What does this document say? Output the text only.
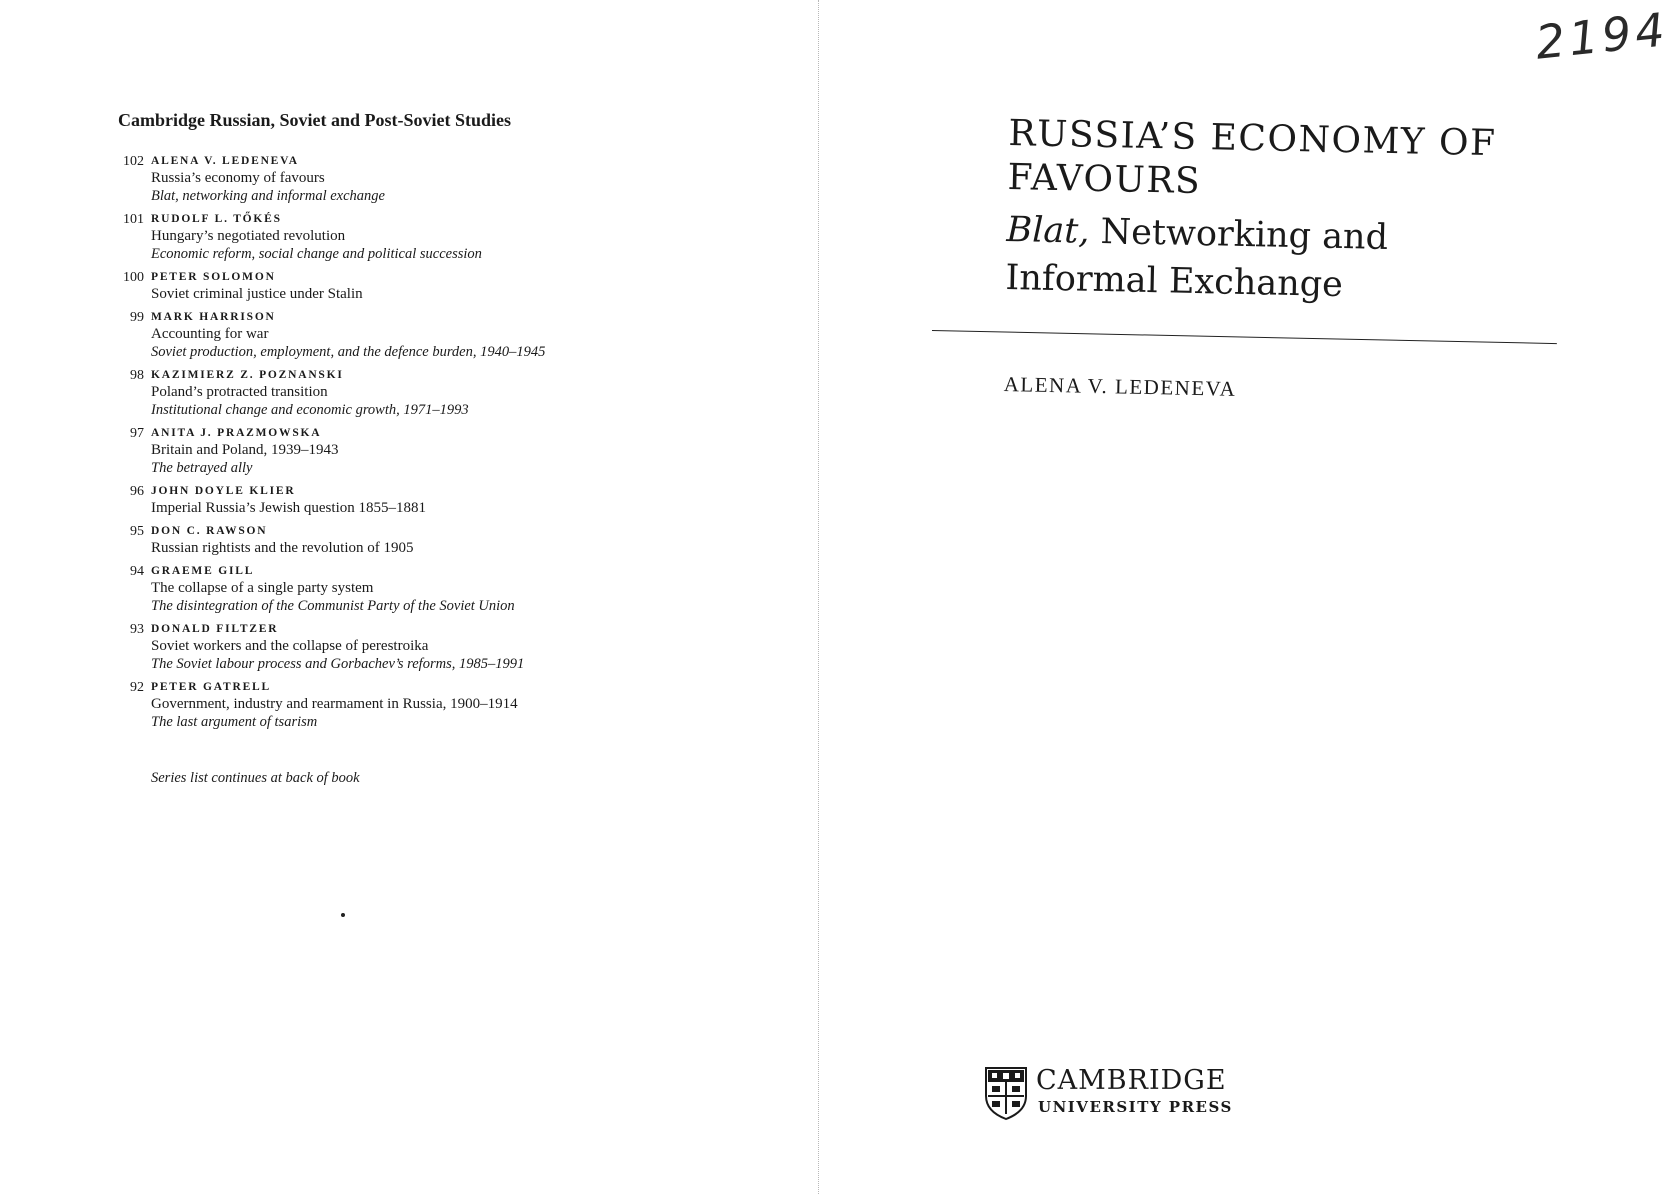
Cambridge Russian, Soviet and Post-Soviet Studies
102 ALENA V. LEDENEVA
Russia’s economy of favours
Blat, networking and informal exchange
101 RUDOLF L. TŐKÉS
Hungary’s negotiated revolution
Economic reform, social change and political succession
100 PETER SOLOMON
Soviet criminal justice under Stalin
99 MARK HARRISON
Accounting for war
Soviet production, employment, and the defence burden, 1940–1945
98 KAZIMIERZ Z. POZNANSKI
Poland’s protracted transition
Institutional change and economic growth, 1971–1993
97 ANITA J. PRAZMOWSKA
Britain and Poland, 1939–1943
The betrayed ally
96 JOHN DOYLE KLIER
Imperial Russia’s Jewish question 1855–1881
95 DON C. RAWSON
Russian rightists and the revolution of 1905
94 GRAEME GILL
The collapse of a single party system
The disintegration of the Communist Party of the Soviet Union
93 DONALD FILTZER
Soviet workers and the collapse of perestroika
The Soviet labour process and Gorbachev’s reforms, 1985–1991
92 PETER GATRELL
Government, industry and rearmament in Russia, 1900–1914
The last argument of tsarism
Series list continues at back of book
2194
RUSSIA’S ECONOMY OF
FAVOURS
Blat, Networking and
Informal Exchange
ALENA V. LEDENEVA
CAMBRIDGE
UNIVERSITY PRESS
